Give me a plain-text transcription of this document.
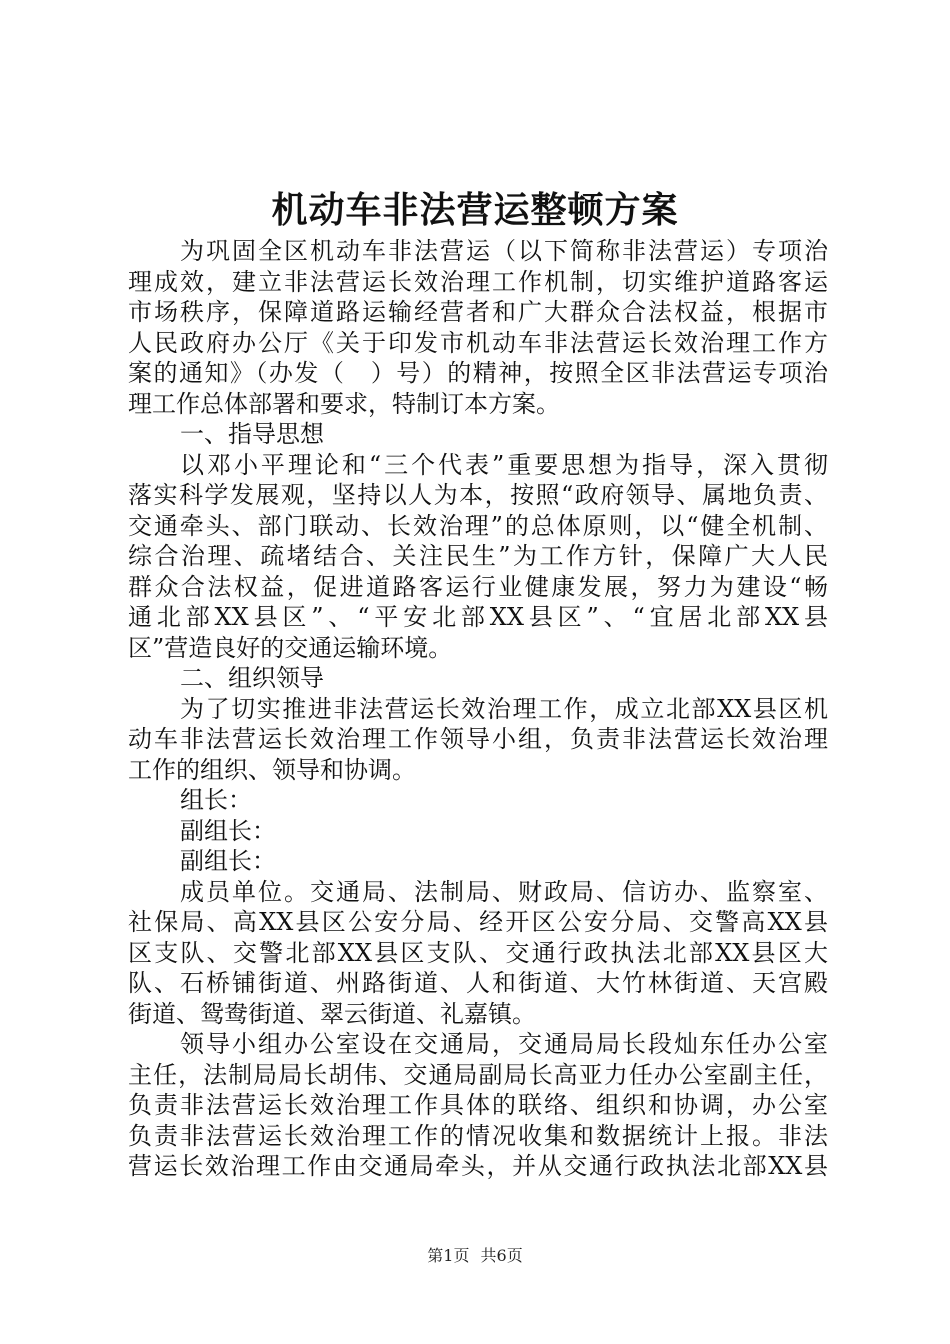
机动车非法营运整顿方案
为巩固全区机动车非法营运（以下简称非法营运）专项治
理成效，建立非法营运长效治理工作机制，切实维护道路客运
市场秩序，保障道路运输经营者和广大群众合法权益，根据市
人民政府办公厅《关于印发市机动车非法营运长效治理工作方
案的通知》（办发（　）号）的精神，按照全区非法营运专项治
理工作总体部署和要求，特制订本方案。
一、指导思想
以邓小平理论和“三个代表”重要思想为指导，深入贯彻
落实科学发展观，坚持以人为本，按照“政府领导、属地负责、
交通牵头、部门联动、长效治理”的总体原则，以“健全机制、
综合治理、疏堵结合、关注民生”为工作方针，保障广大人民
群众合法权益，促进道路客运行业健康发展，努力为建设“畅
通北部XX县区”、“平安北部XX县区”、“宜居北部XX县
区”营造良好的交通运输环境。
二、组织领导
为了切实推进非法营运长效治理工作，成立北部XX县区机
动车非法营运长效治理工作领导小组，负责非法营运长效治理
工作的组织、领导和协调。
组长：
副组长：
副组长：
成员单位。交通局、法制局、财政局、信访办、监察室、
社保局、高XX县区公安分局、经开区公安分局、交警高XX县
区支队、交警北部XX县区支队、交通行政执法北部XX县区大
队、石桥铺街道、州路街道、人和街道、大竹林街道、天宫殿
街道、鸳鸯街道、翠云街道、礼嘉镇。
领导小组办公室设在交通局，交通局局长段灿东任办公室
主任，法制局局长胡伟、交通局副局长高亚力任办公室副主任，
负责非法营运长效治理工作具体的联络、组织和协调，办公室
负责非法营运长效治理工作的情况收集和数据统计上报。非法
营运长效治理工作由交通局牵头，并从交通行政执法北部XX县
第1页 共6页
